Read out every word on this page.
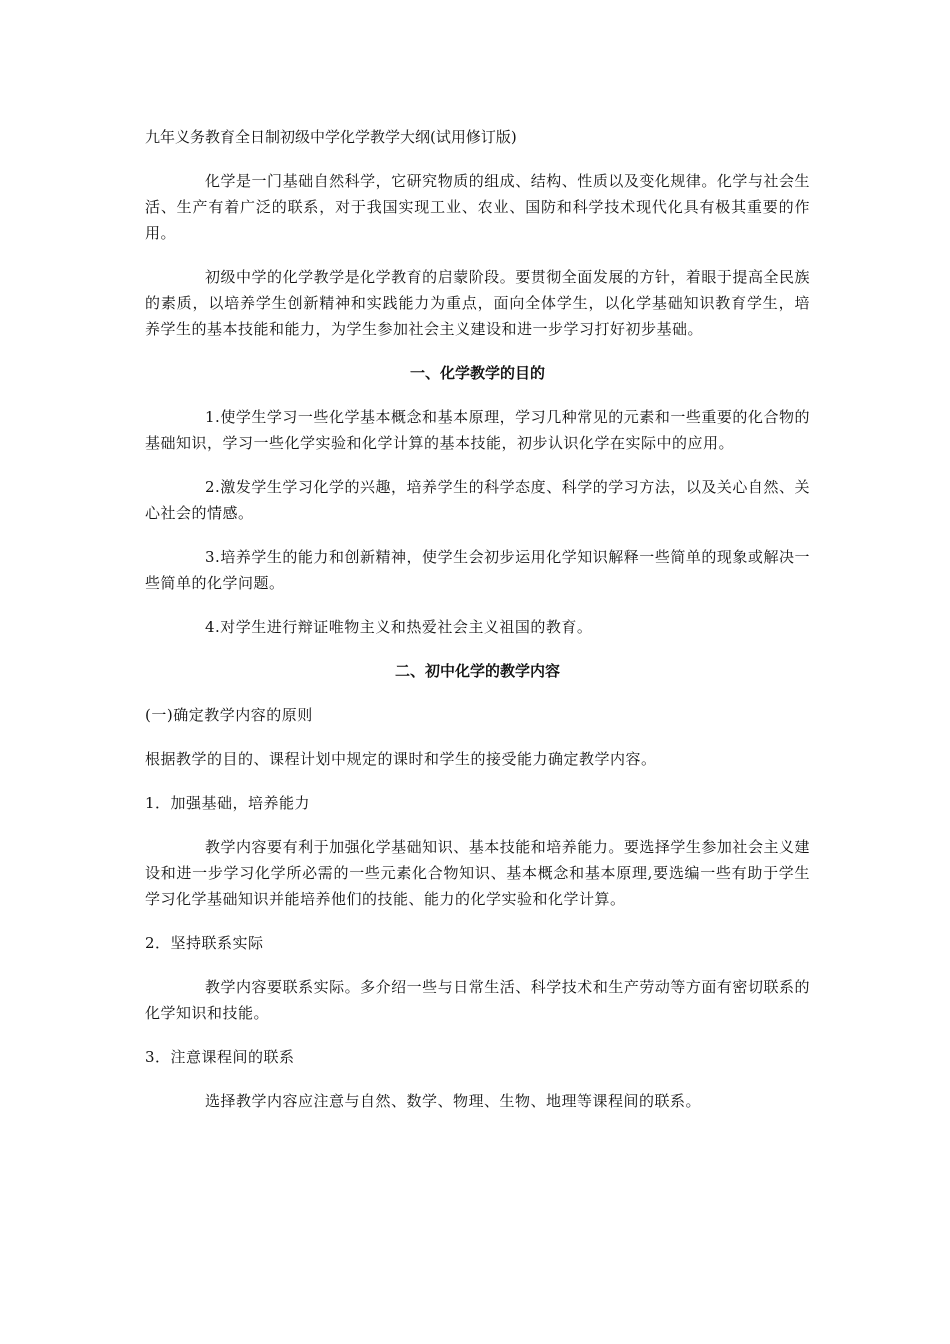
九年义务教育全日制初级中学化学教学大纲(试用修订版)

化学是一门基础自然科学，它研究物质的组成、结构、性质以及变化规律。化学与社会生活、生产有着广泛的联系，对于我国实现工业、农业、国防和科学技术现代化具有极其重要的作用。

初级中学的化学教学是化学教育的启蒙阶段。要贯彻全面发展的方针，着眼于提高全民族的素质，以培养学生创新精神和实践能力为重点，面向全体学生，以化学基础知识教育学生，培养学生的基本技能和能力，为学生参加社会主义建设和进一步学习打好初步基础。

一、化学教学的目的

1.使学生学习一些化学基本概念和基本原理，学习几种常见的元素和一些重要的化合物的基础知识，学习一些化学实验和化学计算的基本技能，初步认识化学在实际中的应用。

2.激发学生学习化学的兴趣，培养学生的科学态度、科学的学习方法，以及关心自然、关心社会的情感。

3.培养学生的能力和创新精神，使学生会初步运用化学知识解释一些简单的现象或解决一些简单的化学问题。

4.对学生进行辩证唯物主义和热爱社会主义祖国的教育。

二、初中化学的教学内容

(一)确定教学内容的原则

根据教学的目的、课程计划中规定的课时和学生的接受能力确定教学内容。

1．加强基础，培养能力

教学内容要有利于加强化学基础知识、基本技能和培养能力。要选择学生参加社会主义建设和进一步学习化学所必需的一些元素化合物知识、基本概念和基本原理,要选编一些有助于学生学习化学基础知识并能培养他们的技能、能力的化学实验和化学计算。

2．坚持联系实际

教学内容要联系实际。多介绍一些与日常生活、科学技术和生产劳动等方面有密切联系的化学知识和技能。

3．注意课程间的联系

选择教学内容应注意与自然、数学、物理、生物、地理等课程间的联系。
